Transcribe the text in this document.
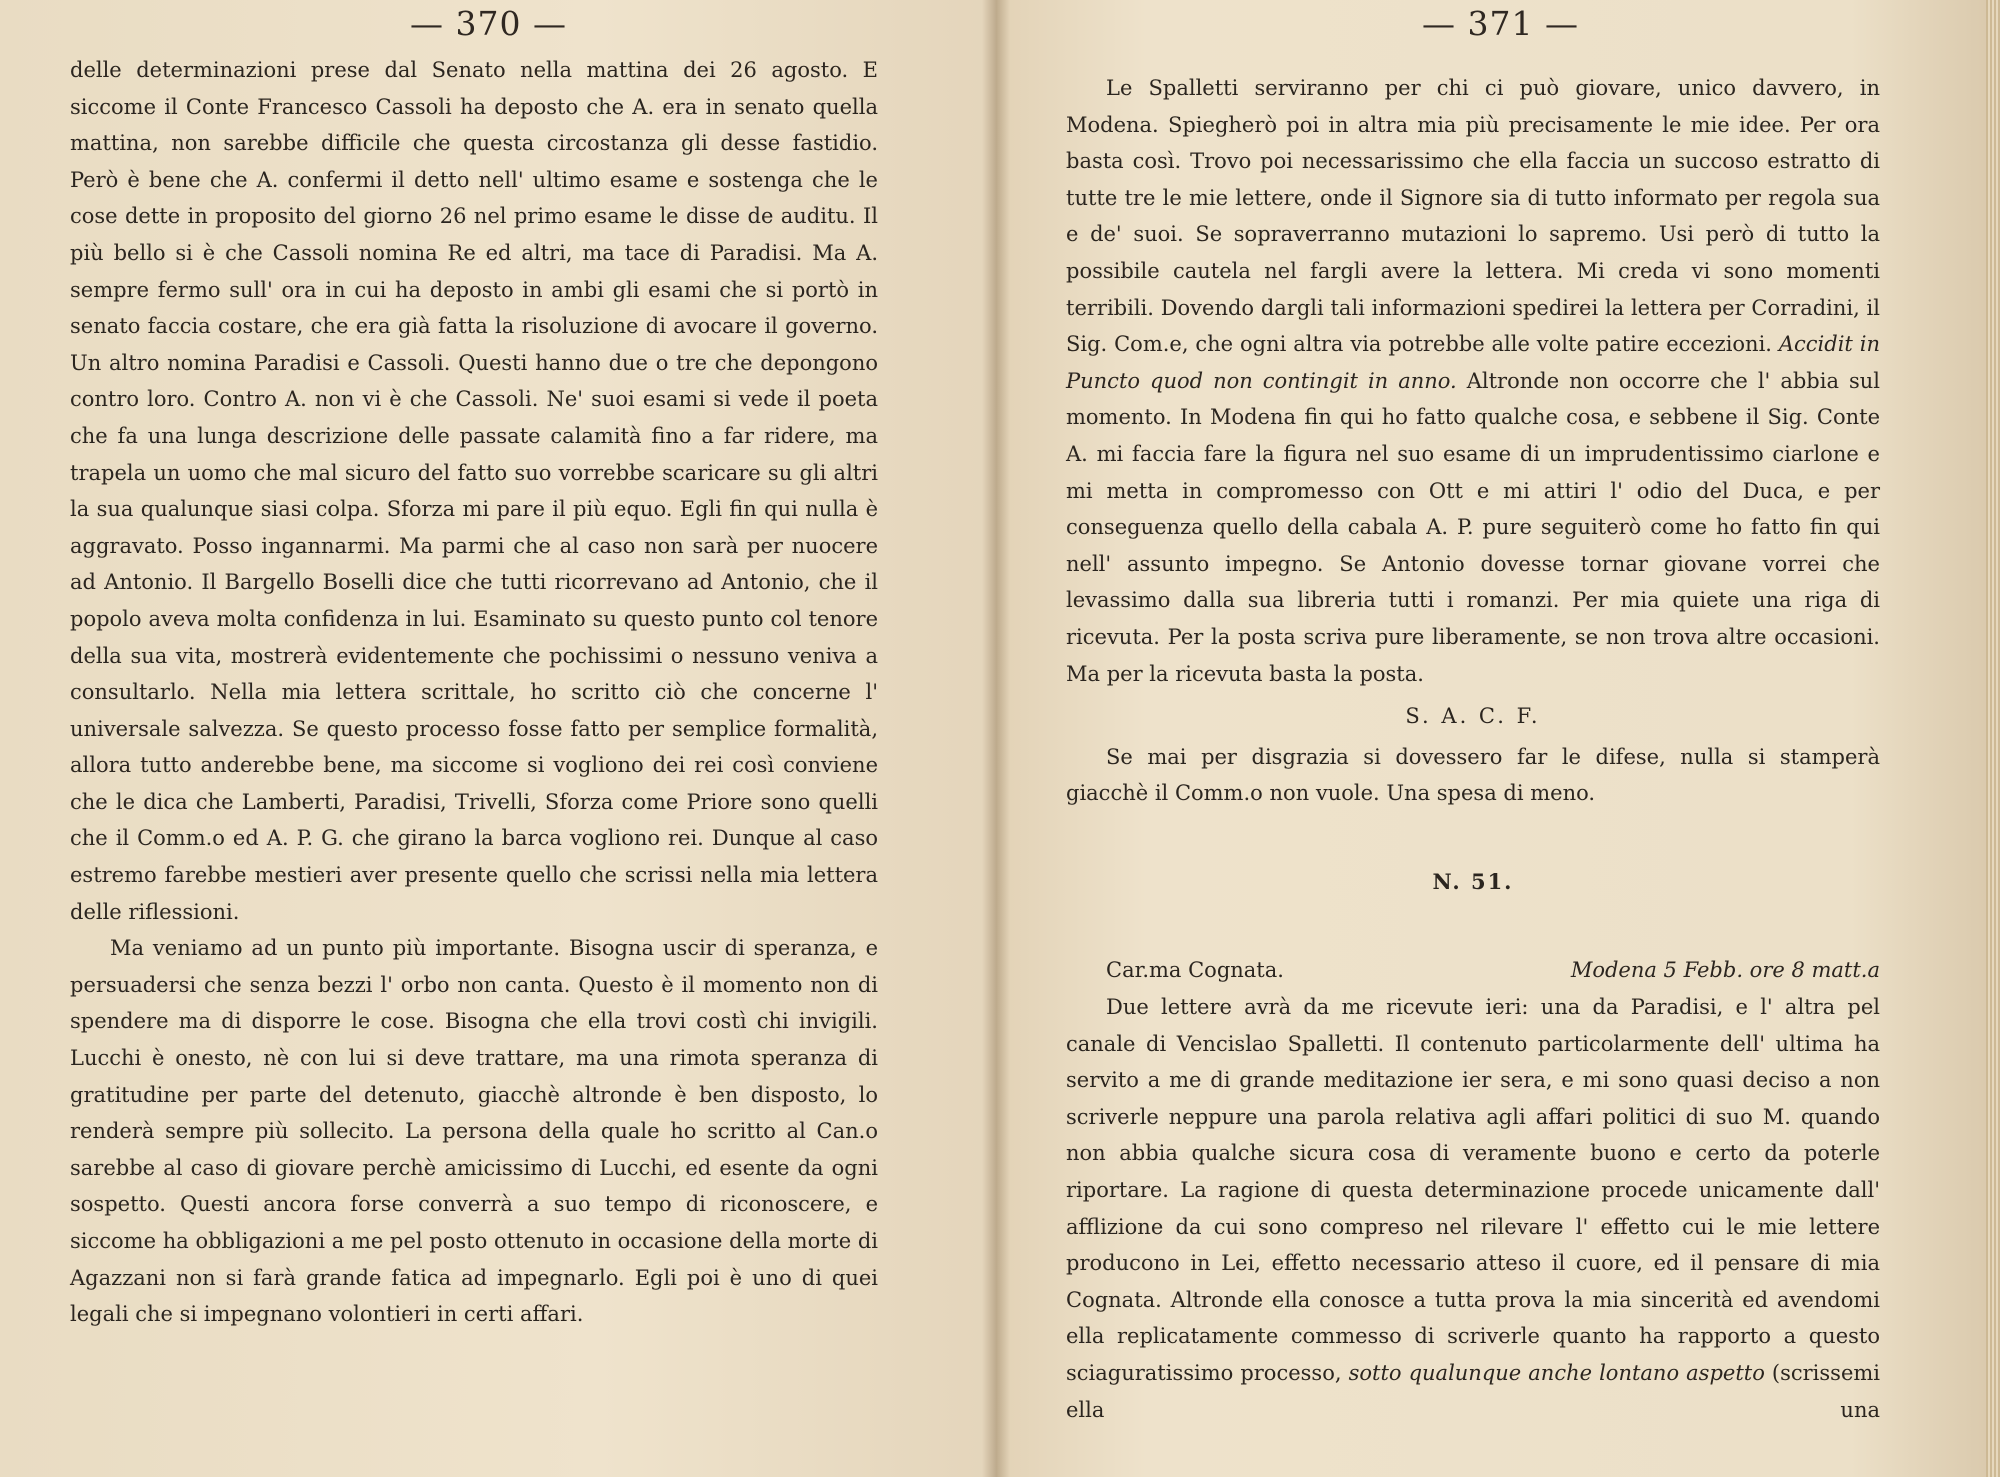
— 370 —

delle determinazioni prese dal Senato nella mattina dei 26 agosto. E siccome il Conte Francesco Cassoli ha deposto che A. era in senato quella mattina, non sarebbe difficile che questa circostanza gli desse fastidio. Però è bene che A. confermi il detto nell' ultimo esame e sostenga che le cose dette in proposito del giorno 26 nel primo esame le disse de auditu. Il più bello si è che Cassoli nomina Re ed altri, ma tace di Paradisi. Ma A. sempre fermo sull' ora in cui ha deposto in ambi gli esami che si portò in senato faccia costare, che era già fatta la risoluzione di avocare il governo. Un altro nomina Paradisi e Cassoli. Questi hanno due o tre che depongono contro loro. Contro A. non vi è che Cassoli. Ne' suoi esami si vede il poeta che fa una lunga descrizione delle passate calamità fino a far ridere, ma trapela un uomo che mal sicuro del fatto suo vorrebbe scaricare su gli altri la sua qualunque siasi colpa. Sforza mi pare il più equo. Egli fin qui nulla è aggravato. Posso ingannarmi. Ma parmi che al caso non sarà per nuocere ad Antonio. Il Bargello Boselli dice che tutti ricorrevano ad Antonio, che il popolo aveva molta confidenza in lui. Esaminato su questo punto col tenore della sua vita, mostrerà evidentemente che pochissimi o nessuno veniva a consultarlo. Nella mia lettera scrittale, ho scritto ciò che concerne l' universale salvezza. Se questo processo fosse fatto per semplice formalità, allora tutto anderebbe bene, ma siccome si vogliono dei rei così conviene che le dica che Lamberti, Paradisi, Trivelli, Sforza come Priore sono quelli che il Comm.o ed A. P. G. che girano la barca vogliono rei. Dunque al caso estremo farebbe mestieri aver presente quello che scrissi nella mia lettera delle riflessioni.

Ma veniamo ad un punto più importante. Bisogna uscir di speranza, e persuadersi che senza bezzi l' orbo non canta. Questo è il momento non di spendere ma di disporre le cose. Bisogna che ella trovi costì chi invigili. Lucchi è onesto, nè con lui si deve trattare, ma una rimota speranza di gratitudine per parte del detenuto, giacchè altronde è ben disposto, lo renderà sempre più sollecito. La persona della quale ho scritto al Can.o sarebbe al caso di giovare perchè amicissimo di Lucchi, ed esente da ogni sospetto. Questi ancora forse converrà a suo tempo di riconoscere, e siccome ha obbligazioni a me pel posto ottenuto in occasione della morte di Agazzani non si farà grande fatica ad impegnarlo. Egli poi è uno di quei legali che si impegnano volontieri in certi affari.

— 371 —

Le Spalletti serviranno per chi ci può giovare, unico davvero, in Modena. Spiegherò poi in altra mia più precisamente le mie idee. Per ora basta così. Trovo poi necessarissimo che ella faccia un succoso estratto di tutte tre le mie lettere, onde il Signore sia di tutto informato per regola sua e de' suoi. Se sopraverranno mutazioni lo sapremo. Usi però di tutto la possibile cautela nel fargli avere la lettera. Mi creda vi sono momenti terribili. Dovendo dargli tali informazioni spedirei la lettera per Corradini, il Sig. Com.e, che ogni altra via potrebbe alle volte patire eccezioni. Accidit in Puncto quod non contingit in anno. Altronde non occorre che l' abbia sul momento. In Modena fin qui ho fatto qualche cosa, e sebbene il Sig. Conte A. mi faccia fare la figura nel suo esame di un imprudentissimo ciarlone e mi metta in compromesso con Ott e mi attiri l' odio del Duca, e per conseguenza quello della cabala A. P. pure seguiterò come ho fatto fin qui nell' assunto impegno. Se Antonio dovesse tornar giovane vorrei che levassimo dalla sua libreria tutti i romanzi. Per mia quiete una riga di ricevuta. Per la posta scriva pure liberamente, se non trova altre occasioni. Ma per la ricevuta basta la posta.

S. A. C. F.

Se mai per disgrazia si dovessero far le difese, nulla si stamperà giacchè il Comm.o non vuole. Una spesa di meno.

N. 51.
Car.ma Cognata.	Modena 5 Febb. ore 8 matt.a

Due lettere avrà da me ricevute ieri: una da Paradisi, e l' altra pel canale di Vencislao Spalletti. Il contenuto particolarmente dell' ultima ha servito a me di grande meditazione ier sera, e mi sono quasi deciso a non scriverle neppure una parola relativa agli affari politici di suo M. quando non abbia qualche sicura cosa di veramente buono e certo da poterle riportare. La ragione di questa determinazione procede unicamente dall' afflizione da cui sono compreso nel rilevare l' effetto cui le mie lettere producono in Lei, effetto necessario atteso il cuore, ed il pensare di mia Cognata. Altronde ella conosce a tutta prova la mia sincerità ed avendomi ella replicatamente commesso di scriverle quanto ha rapporto a questo sciaguratissimo processo, sotto qualunque anche lontano aspetto (scrissemi ella una
